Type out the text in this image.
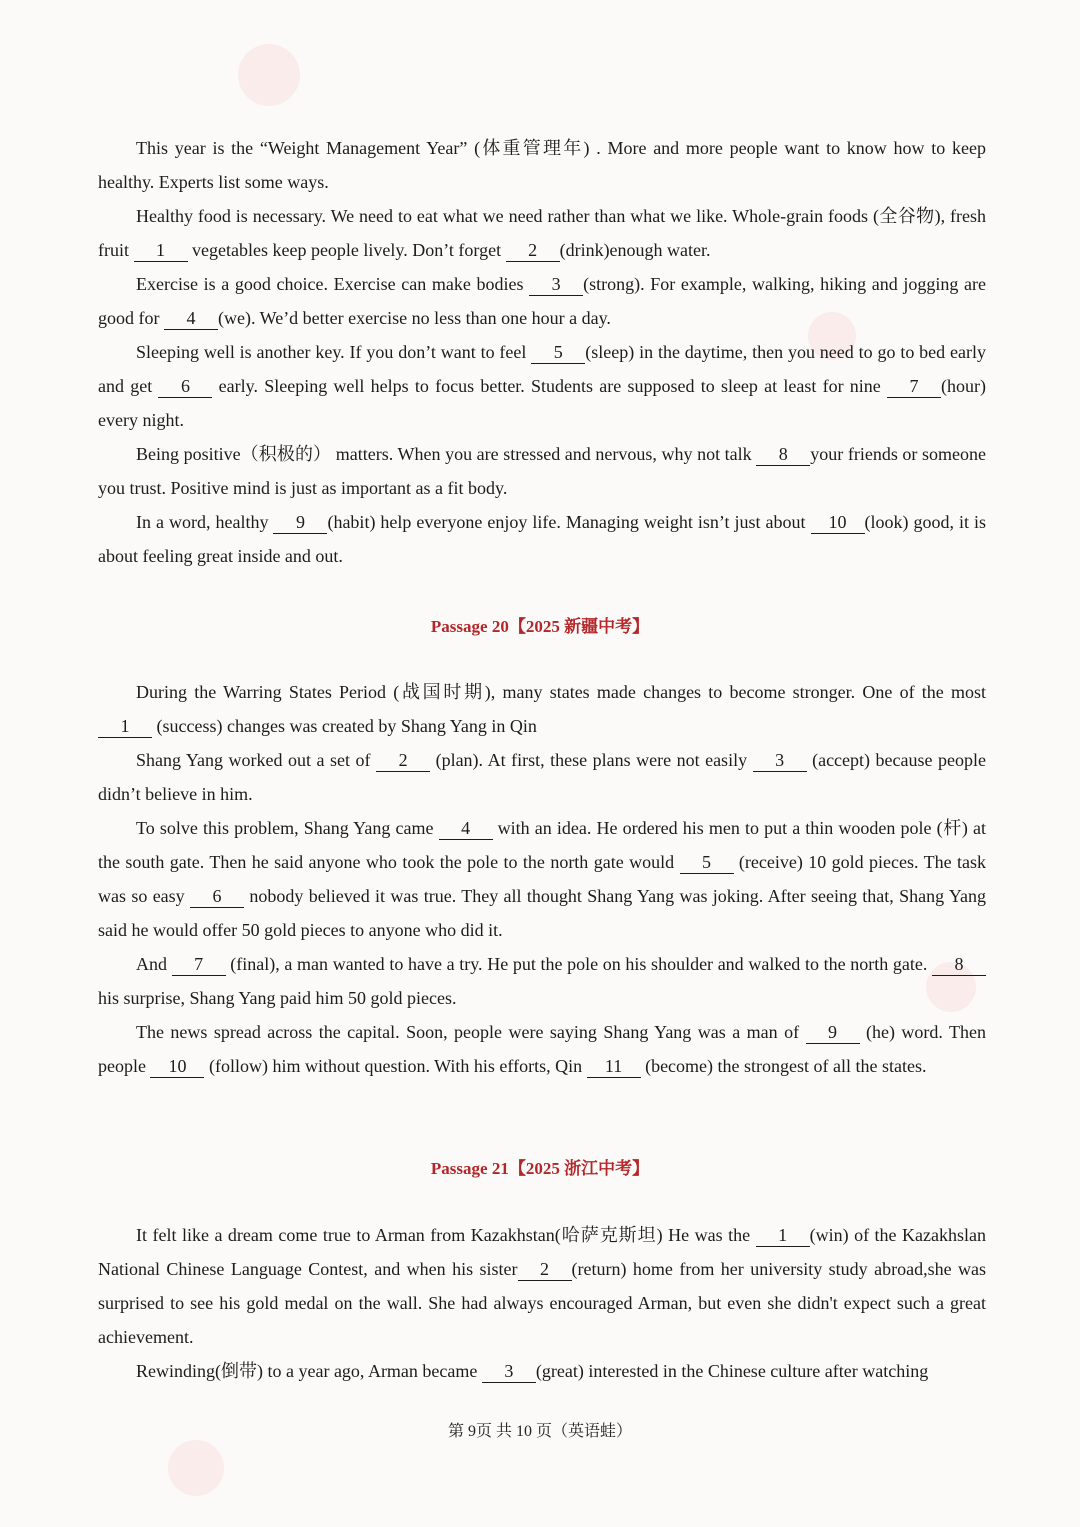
This year is the “Weight Management Year” (体重管理年) . More and more people want to know how to keep healthy. Experts list some ways.

Healthy food is necessary. We need to eat what we need rather than what we like. Whole-grain foods (全谷物), fresh fruit 1 vegetables keep people lively. Don’t forget 2 (drink)enough water.

Exercise is a good choice. Exercise can make bodies 3 (strong). For example, walking, hiking and jogging are good for 4 (we). We’d better exercise no less than one hour a day.

Sleeping well is another key. If you don’t want to feel 5 (sleep) in the daytime, then you need to go to bed early and get 6 early. Sleeping well helps to focus better. Students are supposed to sleep at least for nine 7 (hour) every night.

Being positive（积极的） matters. When you are stressed and nervous, why not talk 8 your friends or someone you trust. Positive mind is just as important as a fit body.

In a word, healthy 9 (habit) help everyone enjoy life. Managing weight isn’t just about 10 (look) good, it is about feeling great inside and out.

Passage 20【2025 新疆中考】

During the Warring States Period (战国时期), many states made changes to become stronger. One of the most 1 (success) changes was created by Shang Yang in Qin

Shang Yang worked out a set of 2 (plan). At first, these plans were not easily 3 (accept) because people didn’t believe in him.

To solve this problem, Shang Yang came 4 with an idea. He ordered his men to put a thin wooden pole (杆) at the south gate. Then he said anyone who took the pole to the north gate would 5 (receive) 10 gold pieces. The task was so easy 6 nobody believed it was true. They all thought Shang Yang was joking. After seeing that, Shang Yang said he would offer 50 gold pieces to anyone who did it.

And 7 (final), a man wanted to have a try. He put the pole on his shoulder and walked to the north gate. 8 his surprise, Shang Yang paid him 50 gold pieces.

The news spread across the capital. Soon, people were saying Shang Yang was a man of 9 (he) word. Then people 10 (follow) him without question. With his efforts, Qin 11 (become) the strongest of all the states.

Passage 21【2025 浙江中考】

It felt like a dream come true to Arman from Kazakhstan(哈萨克斯坦) He was the 1 (win) of the Kazakhslan National Chinese Language Contest, and when his sister 2 (return) home from her university study abroad,she was surprised to see his gold medal on the wall. She had always encouraged Arman, but even she didn't expect such a great achievement.

Rewinding(倒带) to a year ago, Arman became 3 (great) interested in the Chinese culture after watching

第 9页 共 10 页（英语蛙）
